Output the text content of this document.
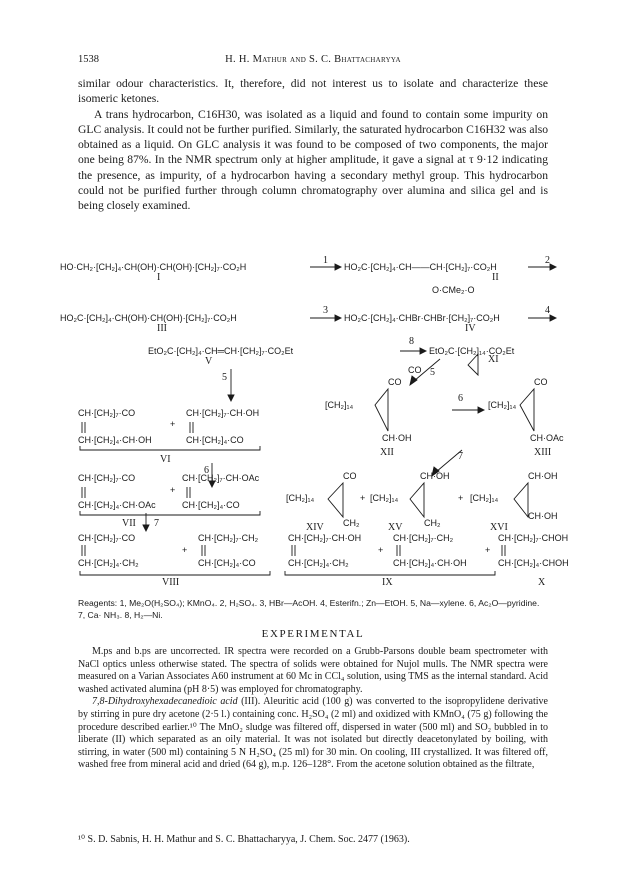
1538	H. H. Mathur and S. C. Bhattacharyya

similar odour characteristics. It, therefore, did not interest us to isolate and characterize these isomeric ketones.

A trans hydrocarbon, C16H30, was isolated as a liquid and found to contain some impurity on GLC analysis. It could not be further purified. Similarly, the saturated hydrocarbon C16H32 was also obtained as a liquid. On GLC analysis it was found to be composed of two components, the major one being 87%. In the NMR spectrum only at higher amplitude, it gave a signal at τ 9·12 indicating the presence, as impurity, of a hydrocarbon having a secondary methyl group. This hydrocarbon could not be purified further through column chromatography over alumina and silica gel and is being closely examined.

HO·CH₂·[CH₂]₄·CH(OH)·CH(OH)·[CH₂]₇·CO₂H
I
1
HO₂C·[CH₂]₄·CH——CH·[CH₂]₇·CO₂H
2
II
O·CMe₂·O
HO₂C·[CH₂]₄·CH(OH)·CH(OH)·[CH₂]₇·CO₂H
III
3
HO₂C·[CH₂]₄·CHBr·CHBr·[CH₂]₇·CO₂H
4
IV
8
EtO₂C·[CH₂]₄·CH═CH·[CH₂]₇·CO₂Et
V
EtO₂C·[CH₂]₁₄·CO₂Et
XI
5	5
CO
CH·[CH₂]₇·CO
CH·[CH₂]₄·CH·OH
+
CH·[CH₂]₇·CH·OH
CH·[CH₂]₄·CO
VI
CO
[CH₂]₁₄
CH·OH
XII
6
CO
[CH₂]₁₄
CH·OAc
XIII
6
7
CH·[CH₂]₇·CO
CH·[CH₂]₄·CH·OAc
+
CH·[CH₂]₇·CH·OAc
CH·[CH₂]₄·CO
VII 7
CO
[CH₂]₁₄
CH₂
XIV
+
CH·OH
[CH₂]₁₄
CH₂
XV
+
CH·OH
[CH₂]₁₄
CH·OH
XVI
CH·[CH₂]₇·CO
CH·[CH₂]₄·CH₂
+
CH·[CH₂]₇·CH₂
CH·[CH₂]₄·CO
VIII
CH·[CH₂]₇·CH·OH
CH·[CH₂]₄·CH₂
+
CH·[CH₂]₇·CH₂
CH·[CH₂]₄·CH·OH
IX
+
CH·[CH₂]₇·CHOH
CH·[CH₂]₄·CHOH
X
Reagents: 1, Me₂O(H₂SO₄); KMnO₄. 2, H₂SO₄. 3, HBr—AcOH. 4, Esterifn.; Zn—EtOH. 5, Na—xylene. 6, Ac₂O—pyridine. 7, Ca· NH₃. 8, H₂—Ni.
EXPERIMENTAL

M.ps and b.ps are uncorrected. IR spectra were recorded on a Grubb-Parsons double beam spectrometer with NaCl optics unless otherwise stated. The spectra of solids were obtained for Nujol mulls. The NMR spectra were measured on a Varian Associates A60 instrument at 60 Mc in CCl₄ solution, using TMS as the internal standard. Acid washed activated alumina (pH 8·5) was employed for chromatography.

7,8-Dihydroxyhexadecanedioic acid (III). Aleuritic acid (100 g) was converted to the isopropylidene derivative by stirring in pure dry acetone (2·5 l.) containing conc. H₂SO₄ (2 ml) and oxidized with KMnO₄ (75 g) following the procedure described earlier.¹⁰ The MnO₂ sludge was filtered off, dispersed in water (500 ml) and SO₂ bubbled in to liberate (II) which separated as an oily material. It was not isolated but directly deacetonylated by boiling, with stirring, in water (500 ml) containing 5 N H₂SO₄ (25 ml) for 30 min. On cooling, III crystallized. It was filtered off, washed free from mineral acid and dried (64 g), m.p. 126–128°. From the acetone solution obtained as the filtrate,

¹⁰ S. D. Sabnis, H. H. Mathur and S. C. Bhattacharyya, J. Chem. Soc. 2477 (1963).
